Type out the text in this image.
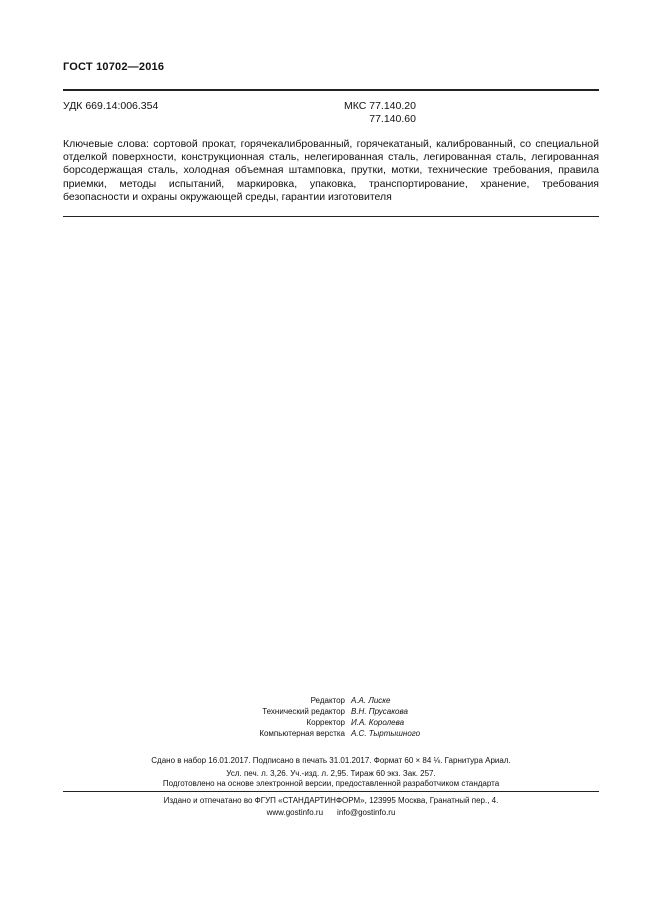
ГОСТ 10702—2016
УДК 669.14:006.354	МКС 77.140.20
77.140.60
Ключевые слова: сортовой прокат, горячекалиброванный, горячекатаный, калиброванный, со специальной отделкой поверхности, конструкционная сталь, нелегированная сталь, легированная сталь, легированная борсодержащая сталь, холодная объемная штамповка, прутки, мотки, технические требования, правила приемки, методы испытаний, маркировка, упаковка, транспортирование, хранение, требования безопасности и охраны окружающей среды, гарантии изготовителя
Редактор А.А. Лиске
Технический редактор В.Н. Прусакова
Корректор И.А. Королева
Компьютерная верстка А.С. Тыртышного
Сдано в набор 16.01.2017. Подписано в печать 31.01.2017. Формат 60 × 84 ⅛. Гарнитура Ариал.
Усл. печ. л. 3,26. Уч.-изд. л. 2,95. Тираж 60 экз. Зак. 257.
Подготовлено на основе электронной версии, предоставленной разработчиком стандарта
Издано и отпечатано во ФГУП «СТАНДАРТИНФОРМ», 123995 Москва, Гранатный пер., 4.
www.gostinfo.ru info@gostinfo.ru
